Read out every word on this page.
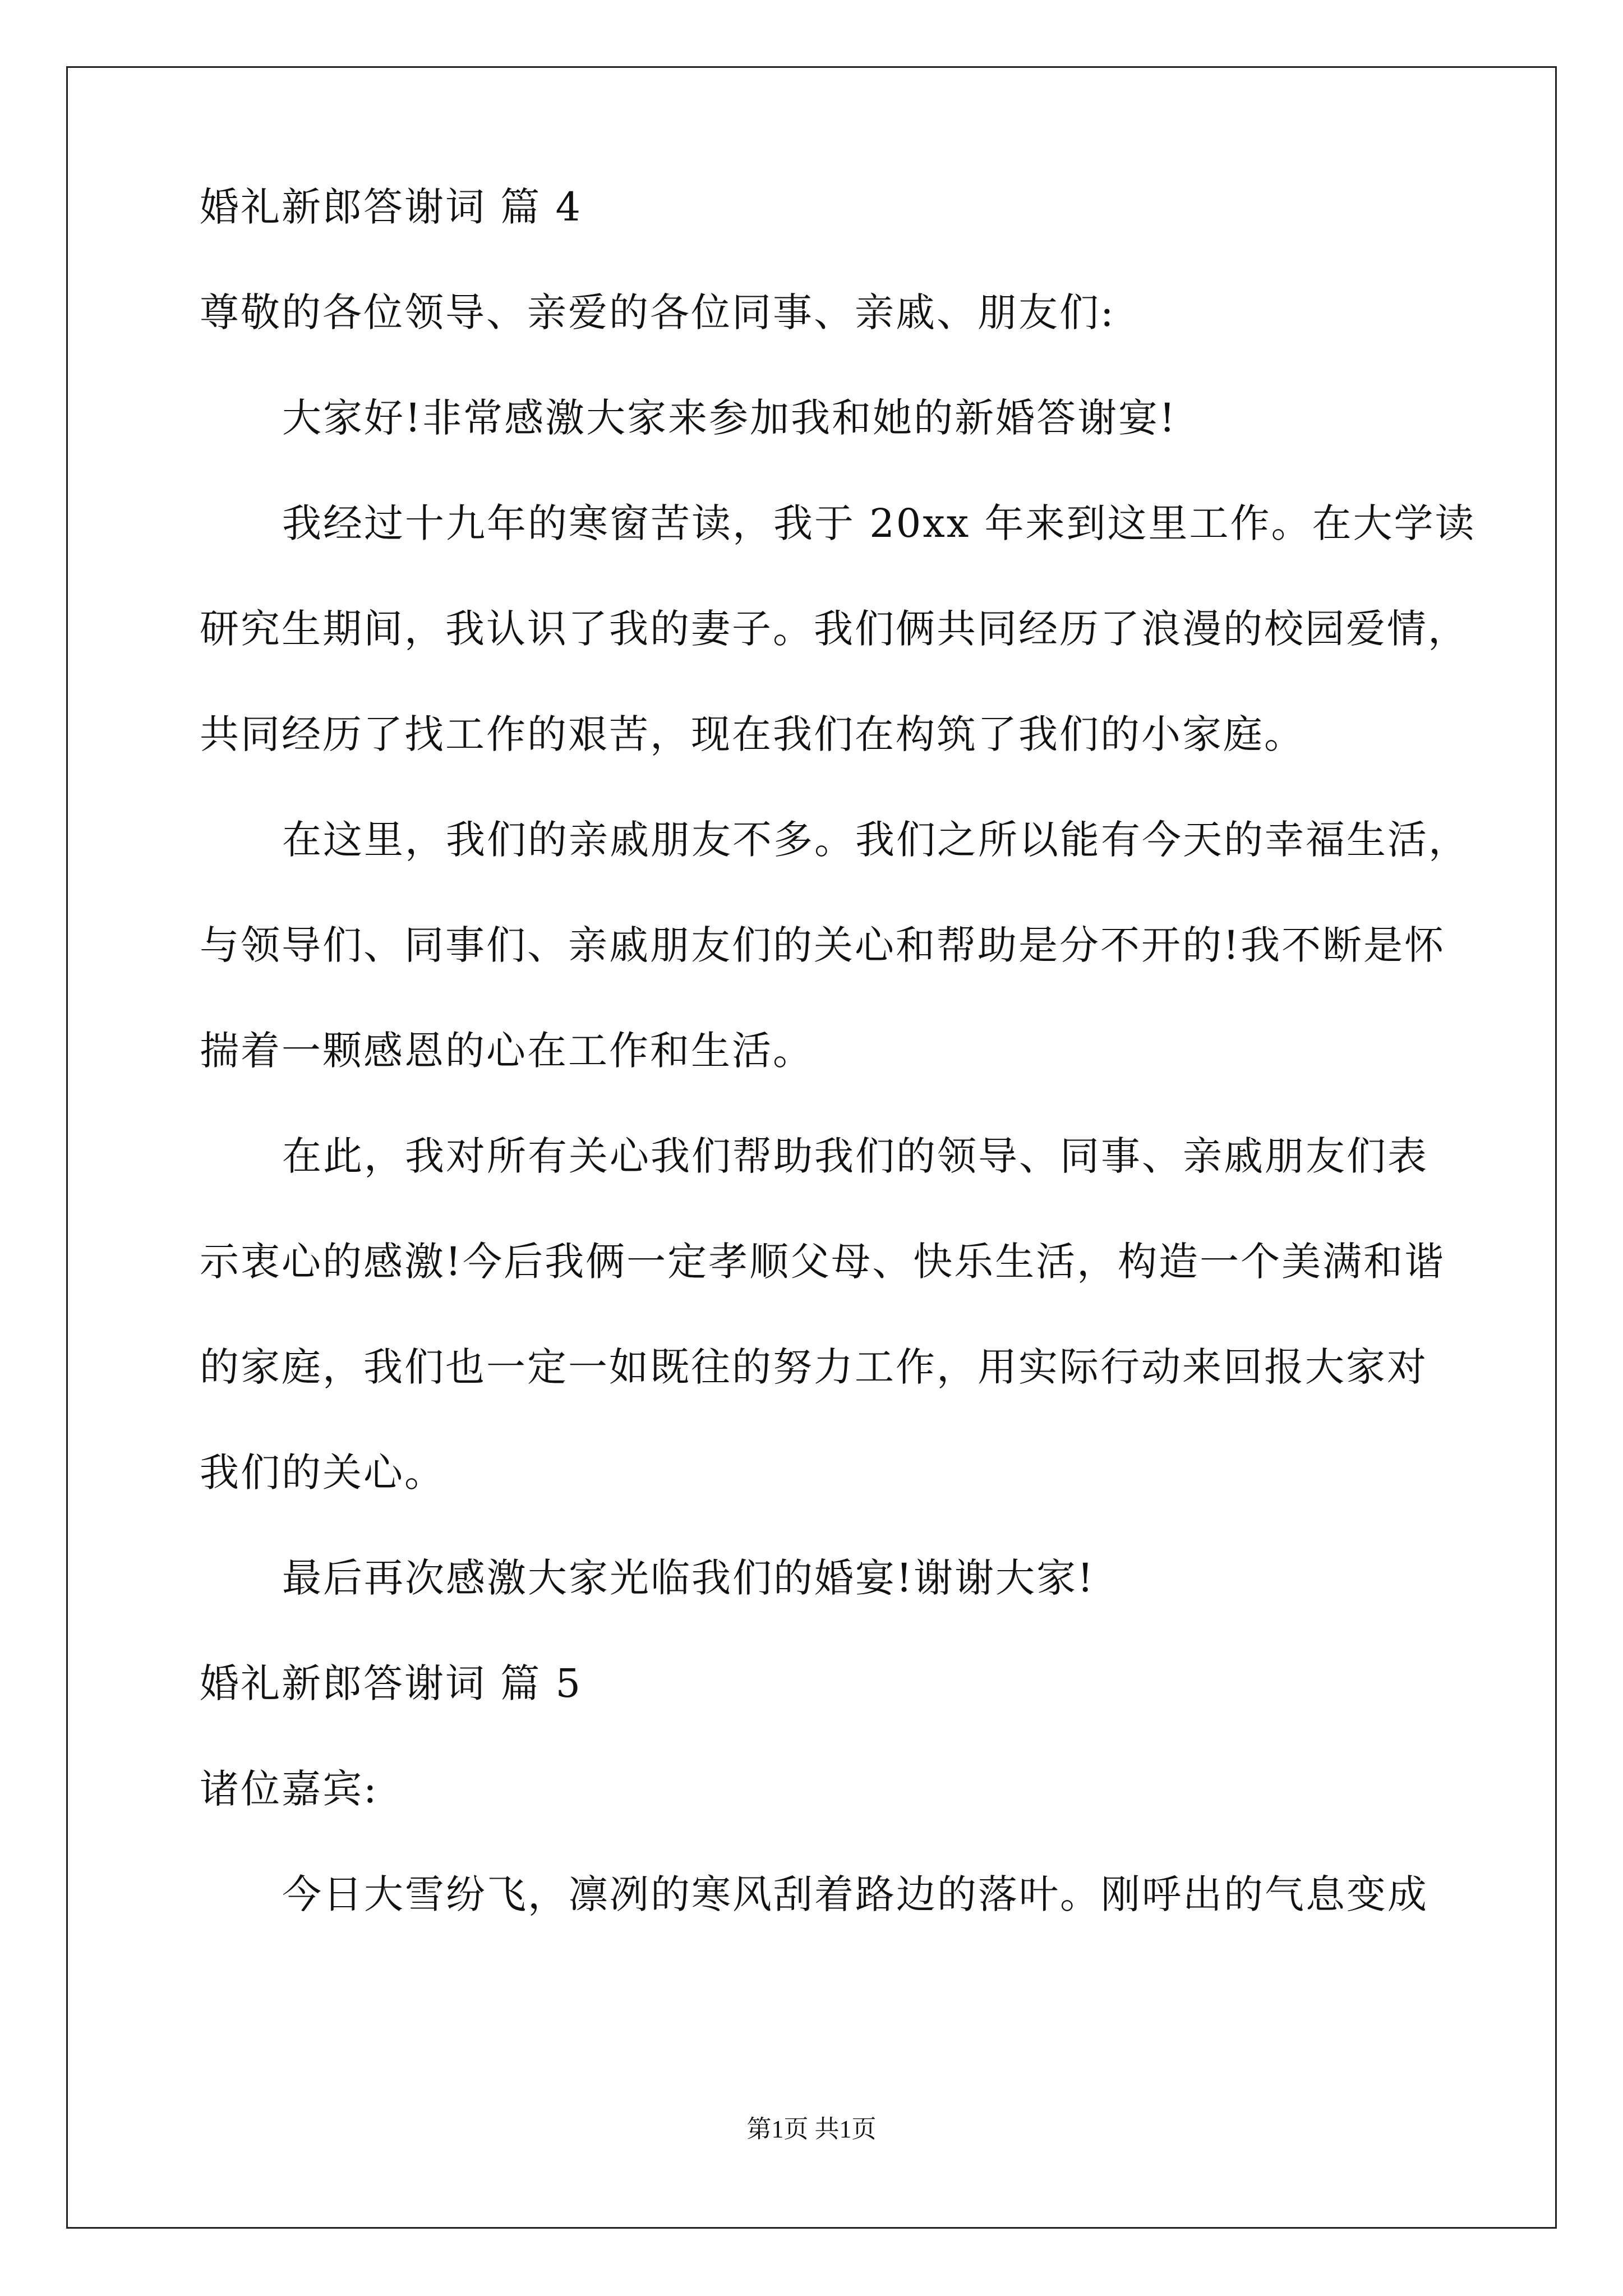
婚礼新郎答谢词 篇 4

尊敬的各位领导、亲爱的各位同事、亲戚、朋友们:

大家好!非常感激大家来参加我和她的新婚答谢宴!

我经过十九年的寒窗苦读，我于 20xx 年来到这里工作。在大学读

研究生期间，我认识了我的妻子。我们俩共同经历了浪漫的校园爱情，

共同经历了找工作的艰苦，现在我们在构筑了我们的小家庭。

在这里，我们的亲戚朋友不多。我们之所以能有今天的幸福生活，

与领导们、同事们、亲戚朋友们的关心和帮助是分不开的!我不断是怀

揣着一颗感恩的心在工作和生活。

在此，我对所有关心我们帮助我们的领导、同事、亲戚朋友们表

示衷心的感激!今后我俩一定孝顺父母、快乐生活，构造一个美满和谐

的家庭，我们也一定一如既往的努力工作，用实际行动来回报大家对

我们的关心。

最后再次感激大家光临我们的婚宴!谢谢大家!

婚礼新郎答谢词 篇 5

诸位嘉宾:

今日大雪纷飞，凛冽的寒风刮着路边的落叶。刚呼出的气息变成

第1页 共1页
